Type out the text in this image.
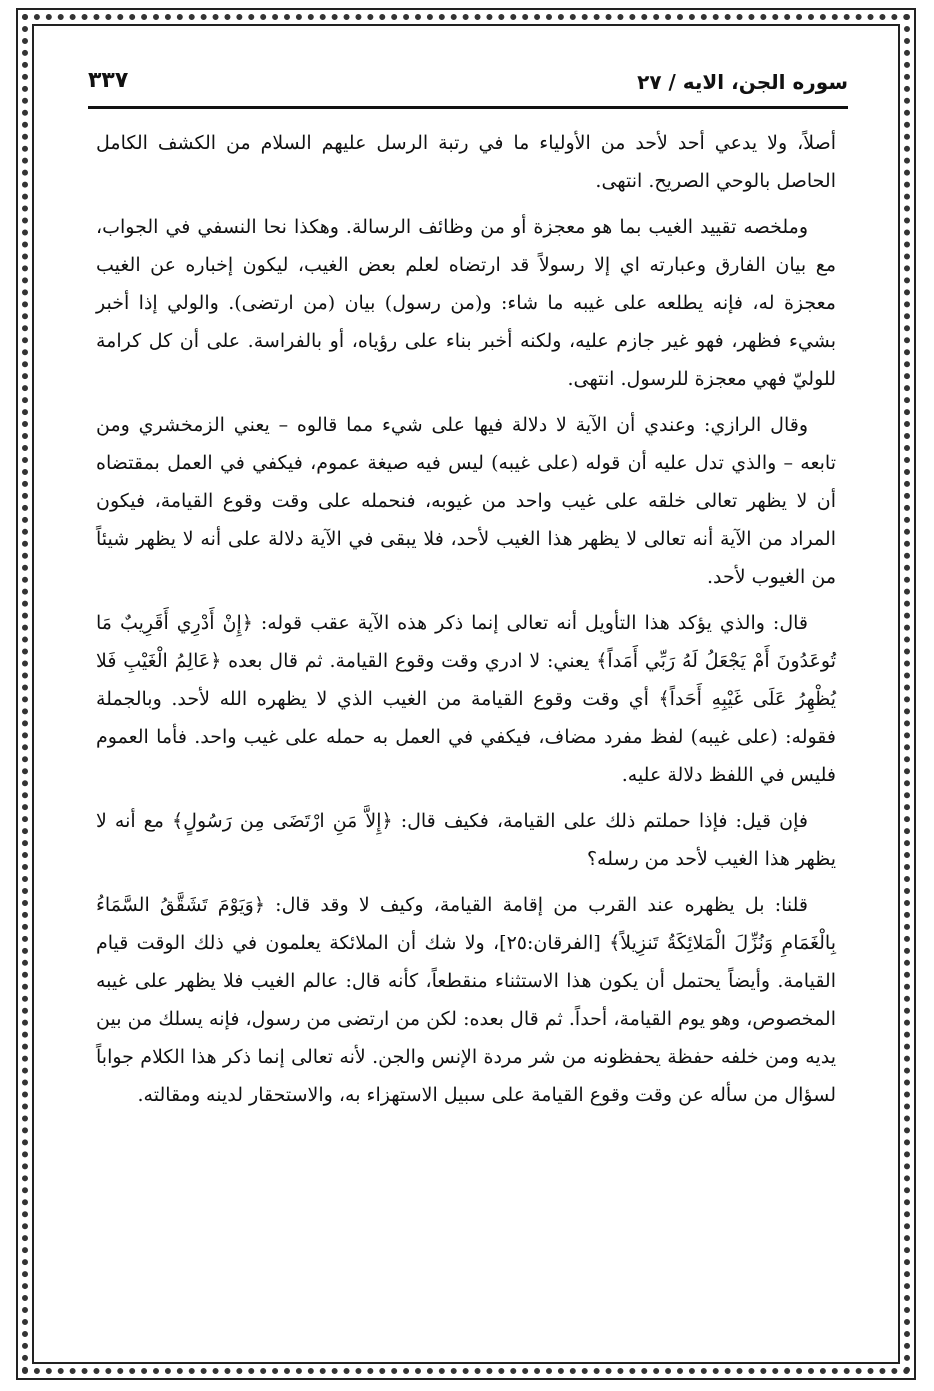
سوره الجن، الايه / ٢٧
٣٣٧

أصلاً، ولا يدعي أحد لأحد من الأولياء ما في رتبة الرسل عليهم السلام من الكشف الكامل الحاصل بالوحي الصريح. انتهى.

وملخصه تقييد الغيب بما هو معجزة أو من وظائف الرسالة. وهكذا نحا النسفي في الجواب، مع بيان الفارق وعبارته اي إلا رسولاً قد ارتضاه لعلم بعض الغيب، ليكون إخباره عن الغيب معجزة له، فإنه يطلعه على غيبه ما شاء: و(من رسول) بيان (من ارتضى). والولي إذا أخبر بشيء فظهر، فهو غير جازم عليه، ولكنه أخبر بناء على رؤياه، أو بالفراسة. على أن كل كرامة للوليّ فهي معجزة للرسول. انتهى.

وقال الرازي: وعندي أن الآية لا دلالة فيها على شيء مما قالوه – يعني الزمخشري ومن تابعه – والذي تدل عليه أن قوله (على غيبه) ليس فيه صيغة عموم، فيكفي في العمل بمقتضاه أن لا يظهر تعالى خلقه على غيب واحد من غيوبه، فنحمله على وقت وقوع القيامة، فيكون المراد من الآية أنه تعالى لا يظهر هذا الغيب لأحد، فلا يبقى في الآية دلالة على أنه لا يظهر شيئاً من الغيوب لأحد.

قال: والذي يؤكد هذا التأويل أنه تعالى إنما ذكر هذه الآية عقب قوله: ﴿إِنْ أَدْرِي أَقَرِيبٌ مَا تُوعَدُونَ أَمْ يَجْعَلُ لَهُ رَبِّي أَمَداً﴾ يعني: لا ادري وقت وقوع القيامة. ثم قال بعده ﴿عَالِمُ الْغَيْبِ فَلا يُظْهِرُ عَلَى غَيْبِهِ أَحَداً﴾ أي وقت وقوع القيامة من الغيب الذي لا يظهره الله لأحد. وبالجملة فقوله: (على غيبه) لفظ مفرد مضاف، فيكفي في العمل به حمله على غيب واحد. فأما العموم فليس في اللفظ دلالة عليه.

فإن قيل: فإذا حملتم ذلك على القيامة، فكيف قال: ﴿إِلاَّ مَنِ ارْتَضَى مِن رَسُولٍ﴾ مع أنه لا يظهر هذا الغيب لأحد من رسله؟

قلنا: بل يظهره عند القرب من إقامة القيامة، وكيف لا وقد قال: ﴿وَيَوْمَ تَشَقَّقُ السَّمَاءُ بِالْغَمَامِ وَنُزِّلَ الْمَلائِكَةُ تَنزِيلاً﴾ [الفرقان:٢٥]، ولا شك أن الملائكة يعلمون في ذلك الوقت قيام القيامة. وأيضاً يحتمل أن يكون هذا الاستثناء منقطعاً، كأنه قال: عالم الغيب فلا يظهر على غيبه المخصوص، وهو يوم القيامة، أحداً. ثم قال بعده: لكن من ارتضى من رسول، فإنه يسلك من بين يديه ومن خلفه حفظة يحفظونه من شر مردة الإنس والجن. لأنه تعالى إنما ذكر هذا الكلام جواباً لسؤال من سأله عن وقت وقوع القيامة على سبيل الاستهزاء به، والاستحقار لدينه ومقالته.
